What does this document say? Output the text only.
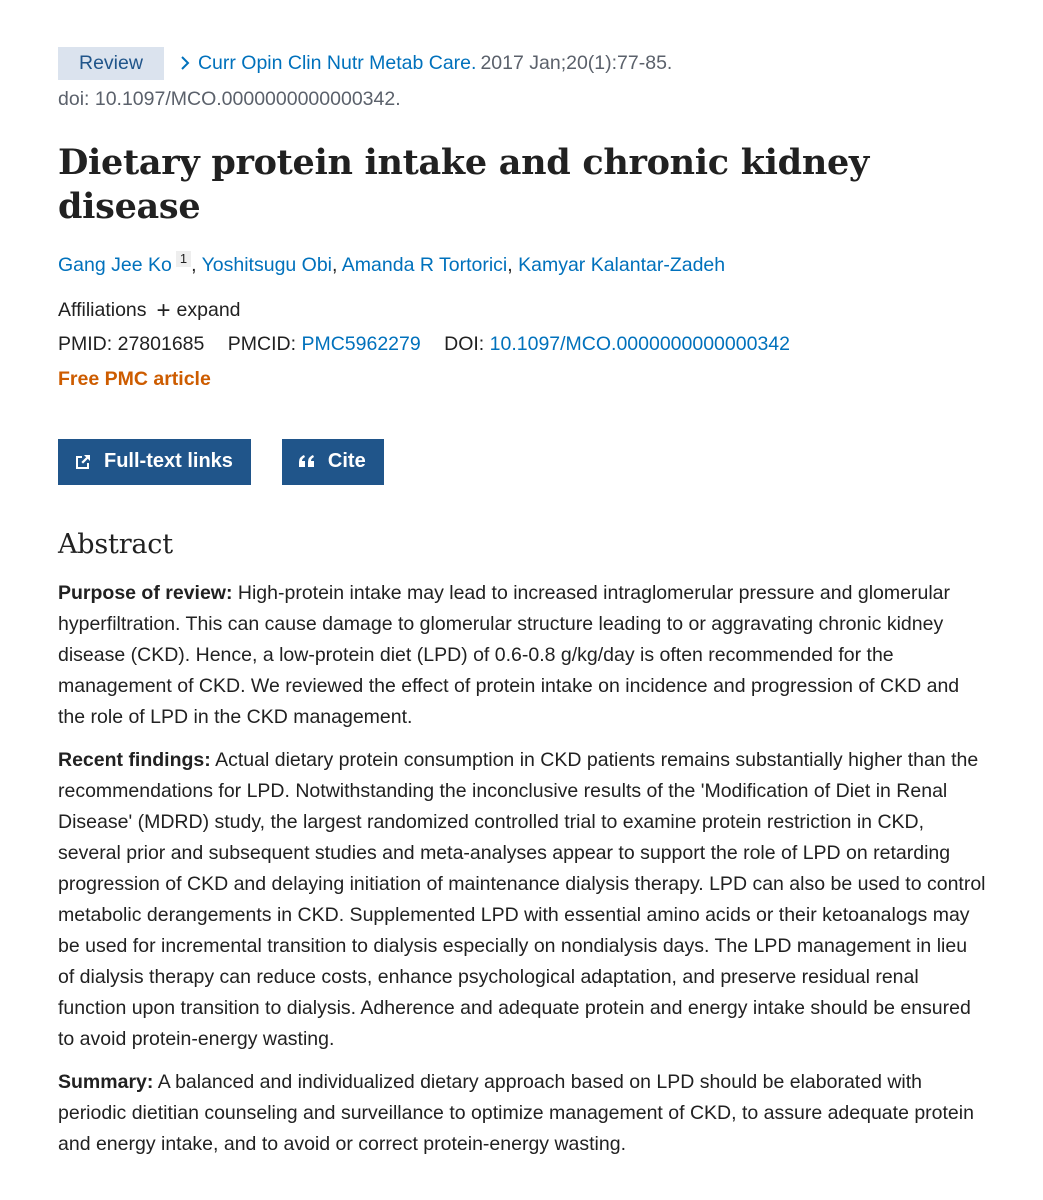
Review	Curr Opin Clin Nutr Metab Care. 2017 Jan;20(1):77-85.
doi: 10.1097/MCO.0000000000000342.
Dietary protein intake and chronic kidney disease
Gang Jee Ko 1 , Yoshitsugu Obi, Amanda R Tortorici, Kamyar Kalantar-Zadeh
Affiliations + expand
PMID: 27801685 PMCID: PMC5962279 DOI: 10.1097/MCO.0000000000000342
Free PMC article
Full-text links	Cite
Abstract

Purpose of review: High-protein intake may lead to increased intraglomerular pressure and glomerular hyperfiltration. This can cause damage to glomerular structure leading to or aggravating chronic kidney disease (CKD). Hence, a low-protein diet (LPD) of 0.6-0.8 g/kg/day is often recommended for the management of CKD. We reviewed the effect of protein intake on incidence and progression of CKD and the role of LPD in the CKD management.

Recent findings: Actual dietary protein consumption in CKD patients remains substantially higher than the recommendations for LPD. Notwithstanding the inconclusive results of the 'Modification of Diet in Renal Disease' (MDRD) study, the largest randomized controlled trial to examine protein restriction in CKD, several prior and subsequent studies and meta-analyses appear to support the role of LPD on retarding progression of CKD and delaying initiation of maintenance dialysis therapy. LPD can also be used to control metabolic derangements in CKD. Supplemented LPD with essential amino acids or their ketoanalogs may be used for incremental transition to dialysis especially on nondialysis days. The LPD management in lieu of dialysis therapy can reduce costs, enhance psychological adaptation, and preserve residual renal function upon transition to dialysis. Adherence and adequate protein and energy intake should be ensured to avoid protein-energy wasting.

Summary: A balanced and individualized dietary approach based on LPD should be elaborated with periodic dietitian counseling and surveillance to optimize management of CKD, to assure adequate protein and energy intake, and to avoid or correct protein-energy wasting.
